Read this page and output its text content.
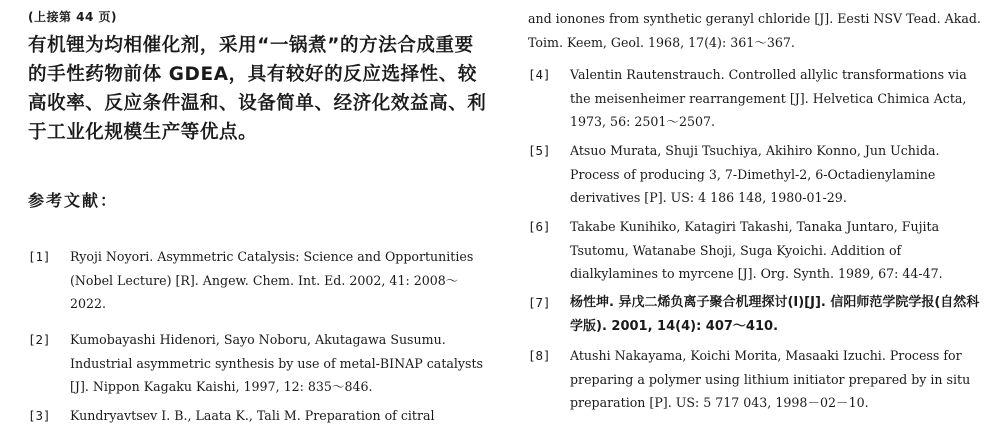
(上接第 44 页)
有机锂为均相催化剂，采用“一锅煮”的方法合成重要的手性药物前体 GDEA，具有较好的反应选择性、较高收率、反应条件温和、设备简单、经济化效益高、利于工业化规模生产等优点。
参考文献：
[1] Ryoji Noyori. Asymmetric Catalysis: Science and Opportunities (Nobel Lecture) [R]. Angew. Chem. Int. Ed. 2002, 41: 2008～2022.
[2] Kumobayashi Hidenori, Sayo Noboru, Akutagawa Susumu. Industrial asymmetric synthesis by use of metal-BINAP catalysts [J]. Nippon Kagaku Kaishi, 1997, 12: 835～846.
[3] Kundryavtsev I. B., Laata K., Tali M. Preparation of citral
and ionones from synthetic geranyl chloride [J]. Eesti NSV Tead. Akad. Toim. Keem, Geol. 1968, 17(4): 361～367.
[4] Valentin Rautenstrauch. Controlled allylic transformations via the meisenheimer rearrangement [J]. Helvetica Chimica Acta, 1973, 56: 2501～2507.
[5] Atsuo Murata, Shuji Tsuchiya, Akihiro Konno, Jun Uchida. Process of producing 3, 7-Dimethyl-2, 6-Octadienylamine derivatives [P]. US: 4 186 148, 1980-01-29.
[6] Takabe Kunihiko, Katagiri Takashi, Tanaka Juntaro, Fujita Tsutomu, Watanabe Shoji, Suga Kyoichi. Addition of dialkylamines to myrcene [J]. Org. Synth. 1989, 67: 44-47.
[7] 杨性坤. 异戊二烯负离子聚合机理探讨(Ⅰ)[J]. 信阳师范学院学报(自然科学版). 2001, 14(4): 407～410.
[8] Atushi Nakayama, Koichi Morita, Masaaki Izuchi. Process for preparing a polymer using lithium initiator prepared by in situ preparation [P]. US: 5 717 043, 1998－02－10.
